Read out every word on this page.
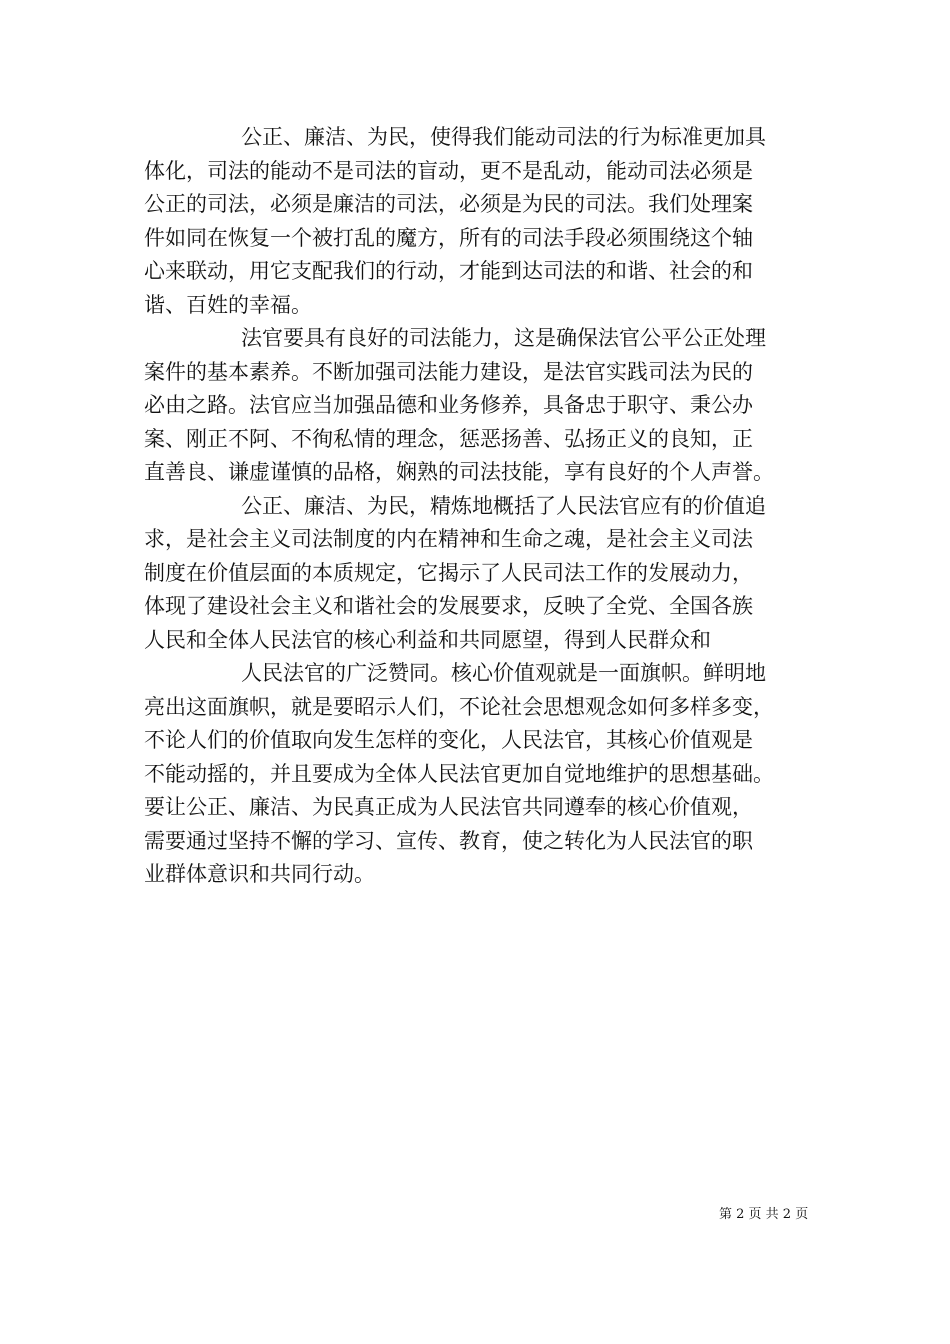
公正、廉洁、为民，使得我们能动司法的行为标准更加具
体化，司法的能动不是司法的盲动，更不是乱动，能动司法必须是
公正的司法，必须是廉洁的司法，必须是为民的司法。我们处理案
件如同在恢复一个被打乱的魔方，所有的司法手段必须围绕这个轴
心来联动，用它支配我们的行动，才能到达司法的和谐、社会的和
谐、百姓的幸福。
法官要具有良好的司法能力，这是确保法官公平公正处理
案件的基本素养。不断加强司法能力建设，是法官实践司法为民的
必由之路。法官应当加强品德和业务修养，具备忠于职守、秉公办
案、刚正不阿、不徇私情的理念，惩恶扬善、弘扬正义的良知，正
直善良、谦虚谨慎的品格，娴熟的司法技能，享有良好的个人声誉。
公正、廉洁、为民，精炼地概括了人民法官应有的价值追
求，是社会主义司法制度的内在精神和生命之魂，是社会主义司法
制度在价值层面的本质规定，它揭示了人民司法工作的发展动力，
体现了建设社会主义和谐社会的发展要求，反映了全党、全国各族
人民和全体人民法官的核心利益和共同愿望，得到人民群众和
人民法官的广泛赞同。核心价值观就是一面旗帜。鲜明地
亮出这面旗帜，就是要昭示人们，不论社会思想观念如何多样多变，
不论人们的价值取向发生怎样的变化，人民法官，其核心价值观是
不能动摇的，并且要成为全体人民法官更加自觉地维护的思想基础。
要让公正、廉洁、为民真正成为人民法官共同遵奉的核心价值观，
需要通过坚持不懈的学习、宣传、教育，使之转化为人民法官的职
业群体意识和共同行动。
第 2 页 共 2 页
